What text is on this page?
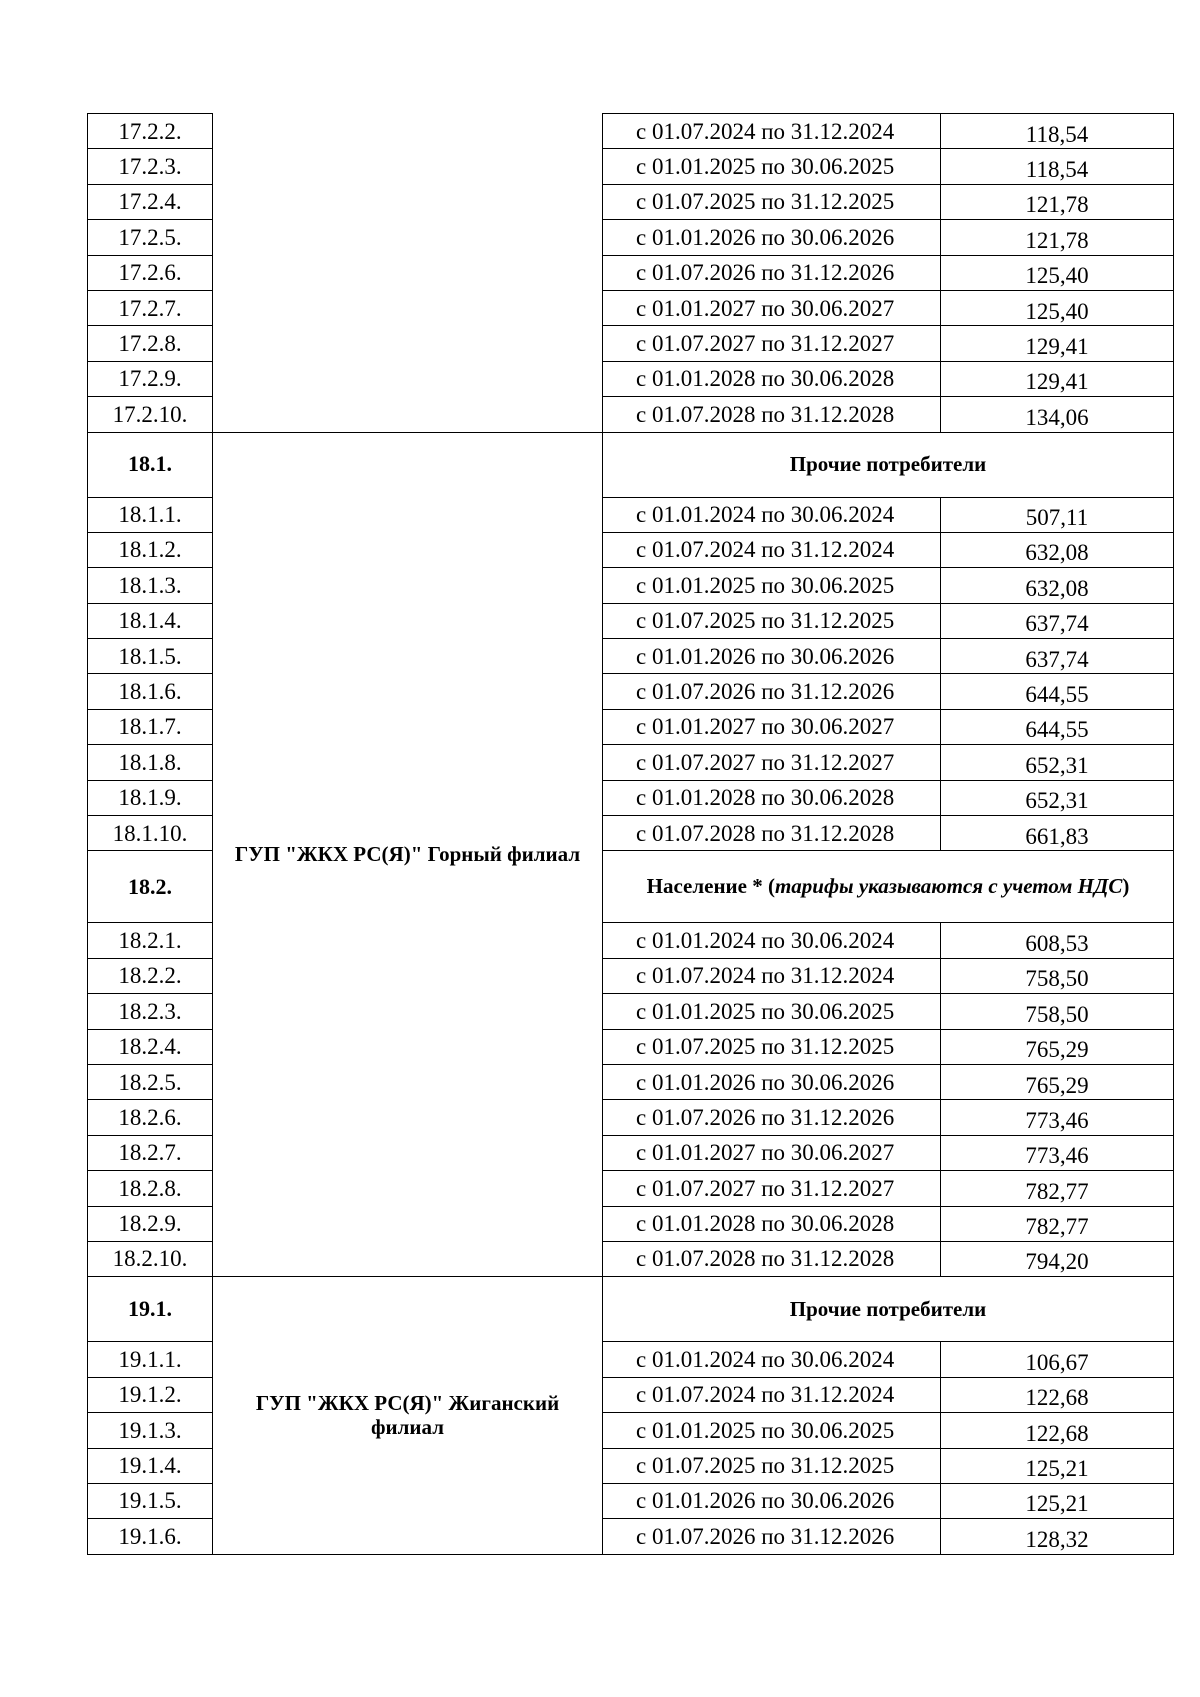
17.2.2.		с 01.07.2024 по 31.12.2024	118,54
17.2.3.		с 01.01.2025 по 30.06.2025	118,54
17.2.4.		с 01.07.2025 по 31.12.2025	121,78
17.2.5.		с 01.01.2026 по 30.06.2026	121,78
17.2.6.		с 01.07.2026 по 31.12.2026	125,40
17.2.7.		с 01.01.2027 по 30.06.2027	125,40
17.2.8.		с 01.07.2027 по 31.12.2027	129,41
17.2.9.		с 01.01.2028 по 30.06.2028	129,41
17.2.10.		с 01.07.2028 по 31.12.2028	134,06
18.1.	ГУП "ЖКХ РС(Я)" Горный филиал	Прочие потребители	
18.1.1.		с 01.01.2024 по 30.06.2024	507,11
18.1.2.		с 01.07.2024 по 31.12.2024	632,08
18.1.3.		с 01.01.2025 по 30.06.2025	632,08
18.1.4.		с 01.07.2025 по 31.12.2025	637,74
18.1.5.		с 01.01.2026 по 30.06.2026	637,74
18.1.6.		с 01.07.2026 по 31.12.2026	644,55
18.1.7.		с 01.01.2027 по 30.06.2027	644,55
18.1.8.		с 01.07.2027 по 31.12.2027	652,31
18.1.9.		с 01.01.2028 по 30.06.2028	652,31
18.1.10.		с 01.07.2028 по 31.12.2028	661,83
18.2.		Население * (тарифы указываются с учетом НДС)	
18.2.1.		с 01.01.2024 по 30.06.2024	608,53
18.2.2.		с 01.07.2024 по 31.12.2024	758,50
18.2.3.		с 01.01.2025 по 30.06.2025	758,50
18.2.4.		с 01.07.2025 по 31.12.2025	765,29
18.2.5.		с 01.01.2026 по 30.06.2026	765,29
18.2.6.		с 01.07.2026 по 31.12.2026	773,46
18.2.7.		с 01.01.2027 по 30.06.2027	773,46
18.2.8.		с 01.07.2027 по 31.12.2027	782,77
18.2.9.		с 01.01.2028 по 30.06.2028	782,77
18.2.10.		с 01.07.2028 по 31.12.2028	794,20
19.1.	ГУП "ЖКХ РС(Я)" Жиганский филиал	Прочие потребители	
19.1.1.		с 01.01.2024 по 30.06.2024	106,67
19.1.2.		с 01.07.2024 по 31.12.2024	122,68
19.1.3.		с 01.01.2025 по 30.06.2025	122,68
19.1.4.		с 01.07.2025 по 31.12.2025	125,21
19.1.5.		с 01.01.2026 по 30.06.2026	125,21
19.1.6.		с 01.07.2026 по 31.12.2026	128,32
